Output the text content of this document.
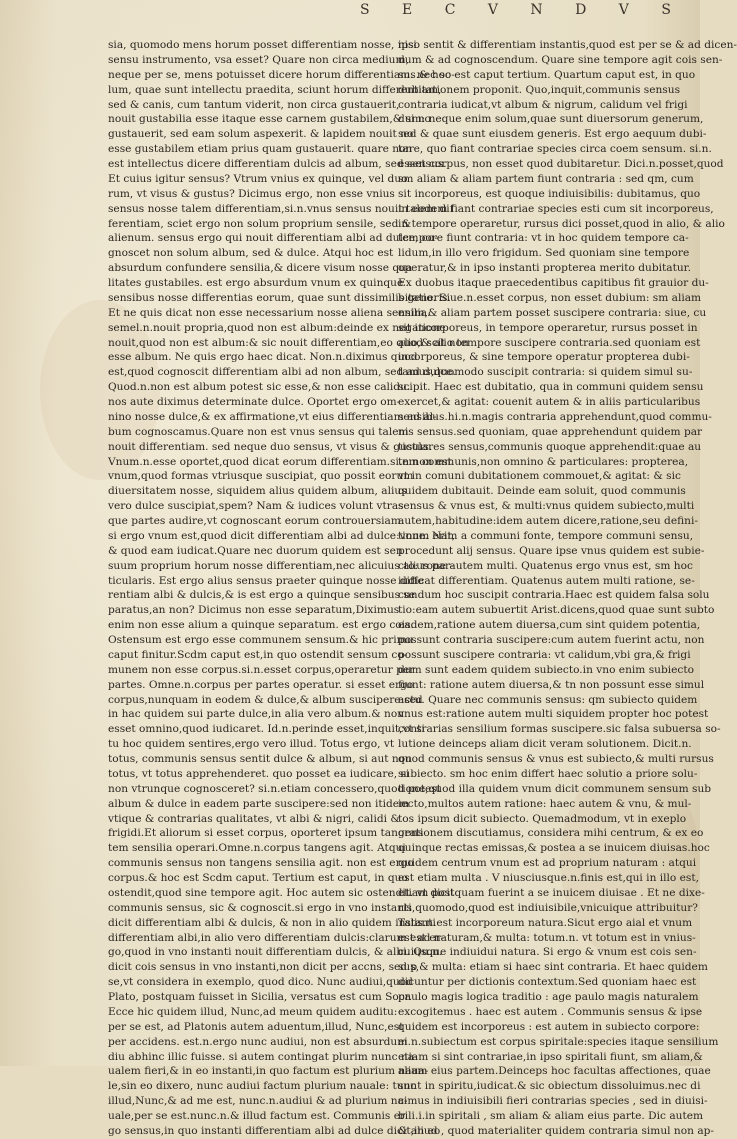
S E C V N D V S
sia, quomodo mens horum posset differentiam nosse, nisi
sensu instrumento, vsa esset? Quare non circa medium,
neque per se, mens potuisset dicere horum differentiam. nec so-
lum, quae sunt intellectu praedita, sciunt horum differentiam,
sed & canis, cum tantum viderit, non circa gustauerit,
nouit gustabilia esse itaque esse carnem gustabilem,& si no
gustauerit, sed eam solum aspexerit. & lapidem nouit no
esse gustabilem etiam prius quam gustauerit. quare non
est intellectus dicere differentiam dulcis ad album, sed sensus.
Et cuius igitur sensus? Vtrum vnius ex quinque, vel duo
rum, vt visus & gustus? Dicimus ergo, non esse vnius
sensus nosse talem differentiam,si.n.vnus sensus nouit talem dif
ferentiam, sciet ergo non solum proprium sensile, sed &
alienum. sensus ergo qui nouit differentiam albi ad dulce, co-
gnoscet non solum album, sed & dulce. Atqui hoc est
absurdum confundere sensilia,& dicere visum nosse qua
litates gustabiles. est ergo absurdum vnum ex quinque
sensibus nosse differentias eorum, quae sunt dissimilis generis.
Et ne quis dicat non esse necessarium nosse aliena sensilia.
semel.n.nouit propria,quod non est album:deinde ex negatione
nouit,quod non est album:& sic nouit differentiam,eo quod scit non
esse album. Ne quis ergo haec dicat. Non.n.diximus quod
est,quod cognoscit differentiam albi ad non album, sed ad dulce.
Quod.n.non est album potest sic esse,& non esse calidu.
nos aute diximus determinate dulce. Oportet ergo om-
nino nosse dulce,& ex affirmatione,vt eius differentiam ad al-
bum cognoscamus.Quare non est vnus sensus qui talem
nouit differentiam. sed neque duo sensus, vt visus & gustus.
Vnum.n.esse oportet,quod dicat eorum differentiam.si.n.non est
vnum,quod formas vtriusque suscipiat, quo possit eorum
diuersitatem nosse, siquidem alius quidem album, alius
vero dulce suscipiat,spem? Nam & iudices volunt vtras
que partes audire,vt cognoscant eorum controuersiam.
si ergo vnum est,quod dicit differentiam albi ad dulce:vnum erit,
& quod eam iudicat.Quare nec duorum quidem est sen
suum proprium horum nosse differentiam,nec alicuius alius par-
ticularis. Est ergo alius sensus praeter quinque nosse diffe
rentiam albi & dulcis,& is est ergo a quinque sensibus se
paratus,an non? Dicimus non esse separatum,Diximus
enim non esse alium a quinque separatum. est ergo cois.
Ostensum est ergo esse communem sensum.& hic primu
caput finitur.Scdm caput est,in quo ostendit sensum co-
munem non esse corpus.si.n.esset corpus,operaretur per
partes. Omne.n.corpus per partes operatur. si esset ergo
corpus,nunquam in eodem & dulce,& album suscipere:sed
in hac quidem sui parte dulce,in alia vero album.& non
esset omnino,quod iudicaret. Id.n.perinde esset,inquit,vt si
tu hoc quidem sentires,ergo vero illud. Totus ergo, vt
totus, communis sensus sentit dulce & album, si aut non
totus, vt totus apprehenderet. quo posset ea iudicare, si
non vtrunque cognosceret? si.n.etiam concessero,quod potest
album & dulce in eadem parte suscipere:sed non itidem
vtique & contrarias qualitates, vt albi & nigri, calidi &
frigidi.Et aliorum si esset corpus, oporteret ipsum tangens
tem sensilia operari.Omne.n.corpus tangens agit. Atqui
communis sensus non tangens sensilia agit. non est ergo
corpus.& hoc est Scdm caput. Tertium est caput, in quo
ostendit,quod sine tempore agit. Hoc autem sic ostendit. vt dicit
communis sensus, sic & cognoscit.si ergo in vno instanti
dicit differentiam albi & dulcis, & non in alio quidem instanti
differentiam albi,in alio vero differentiam dulcis:clarum est er-
go,quod in vno instanti nouit differentiam dulcis, & albi. Qu.n.
dicit cois sensus in vno instanti,non dicit per accns, sed p
se,vt considera in exemplo, quod dico. Nunc audiui,quod
Plato, postquam fuisset in Sicilia, versatus est cum Socr.
Ecce hic quidem illud, Nunc,ad meum quidem auditu:
per se est, ad Platonis autem aduentum,illud, Nunc,est
per accidens. est.n.ergo nunc audiui, non est absurdum
diu abhinc illic fuisse. si autem contingat plurim nunc na-
ualem fieri,& in eo instanti,in quo factum est plurium naua-
le,sin eo dixero, nunc audiui factum plurium nauale: tunc
illud,Nunc,& ad me est, nunc.n.audiui & ad plurium na-
uale,per se est.nunc.n.& illud factum est. Communis er
go sensus,in quo instanti differentiam albi ad dulce dicit,in eo
ipso sentit & differentiam instantis,quod est per se & ad dicen-
dum & ad cognoscendum. Quare sine tempore agit cois sen-
sus.& hoc est caput tertium. Quartum caput est, in quo
dubitationem proponit. Quo,inquit,communis sensus
contraria iudicat,vt album & nigrum, calidum vel frigi
dum: neque enim solum,quae sunt diuersorum generum,
sed & quae sunt eiusdem generis. Est ergo aequum dubi-
tare, quo fiant contrariae species circa coem sensum. si.n.
esset corpus, non esset quod dubitaretur. Dici.n.posset,quod
sm aliam & aliam partem fiunt contraria : sed qm, cum
sit incorporeus, est quoque indiuisibilis: dubitamus, quo
in eodem fiant contrariae species esti cum sit incorporeus,
in tempore operaretur, rursus dici posset,quod in alio, & alio
tempore fiunt contraria: vt in hoc quidem tempore ca-
lidum,in illo vero frigidum. Sed quoniam sine tempore
operatur,& in ipso instanti propterea merito dubitatur.
Ex duobus itaque praecedentibus capitibus fit grauior du-
bitatio. Siue.n.esset corpus, non esset dubium: sm aliam
enim,& aliam partem posset suscipere contraria: siue, cu
sit incorporeus, in tempore operaretur, rursus posset in
alio,& alio tempore suscipere contraria.sed quoniam est
incorporeus, & sine tempore operatur propterea dubi-
tamus,quomodo suscipit contraria: si quidem simul su-
scipit. Haec est dubitatio, qua in communi quidem sensu
exercet,& agitat: couenit autem & in aliis particularibus
sensibus.hi.n.magis contraria apprehendunt,quod commu-
nis sensus.sed quoniam, quae apprehendunt quidem par
ticulares sensus,communis quoque apprehendit:quae au
tem communis,non omnino & particulares: propterea,
vt in comuni dubitationem commouet,& agitat: & sic
quidem dubitauit. Deinde eam soluit, quod communis
sensus & vnus est, & multi:vnus quidem subiecto,multi
autem,habitudine:idem autem dicere,ratione,seu defini-
tione. Nam a communi fonte, tempore communi sensu,
procedunt alij sensus. Quare ipse vnus quidem est subie-
cto: rone autem multi. Quatenus ergo vnus est, sm hoc
iudicat differentiam. Quatenus autem multi ratione, se-
cundum hoc suscipit contraria.Haec est quidem falsa solu
tio:eam autem subuertit Arist.dicens,quod quae sunt subto
eadem,ratione autem diuersa,cum sint quidem potentia,
possunt contraria suscipere:cum autem fuerint actu, non
possunt suscipere contraria: vt calidum,vbi gra,& frigi
dum sunt eadem quidem subiecto.in vno enim subiecto
fiunt: ratione autem diuersa,& tn non possunt esse simul
actu. Quare nec communis sensus: qm subiecto quidem
vnus est:ratione autem multi siquidem propter hoc potest
contrarias sensilium formas suscipere.sic falsa subuersa so-
lutione deinceps aliam dicit veram solutionem. Dicit.n.
quod communis sensus & vnus est subiecto,& multi rursus
subiecto. sm hoc enim differt haec solutio a priore solu-
tione,quod illa quidem vnum dicit communem sensum sub
iecto,multos autem ratione: haec autem & vnu, & mul-
tos ipsum dicit subiecto. Quemadmodum, vt in exeplo
orationem discutiamus, considera mihi centrum, & ex eo
quinque rectas emissas,& postea a se inuicem diuisas.hoc
quidem centrum vnum est ad proprium naturam : atqui
est etiam multa . V niusciusque.n.finis est,qui in illo est,
etiam postquam fuerint a se inuicem diuisae . Et ne dixe-
ris,quomodo,quod est indiuisibile,vnicuique attribuitur?
Talis.n.est incorporeum natura.Sicut ergo aial et vnum
est ad naturam,& multa: totum.n. vt totum est in vnius-
cuiusque indiuidui natura. Si ergo & vnum est cois sen-
sus,& multa: etiam si haec sint contraria. Et haec quidem
dicuntur per dictionis contextum.Sed quoniam haec est
paulo magis logica traditio : age paulo magis naturalem
excogitemus . haec est autem . Communis sensus & ipse
quidem est incorporeus : est autem in subiecto corpore:
ei.n.subiectum est corpus spiritale:species itaque sensilium
etiam si sint contrariae,in ipso spiritali fiunt, sm aliam,&
aliam eius partem.Deinceps hoc facultas affectiones, quae
sunt in spiritu,iudicat.& sic obiectum dissoluimus.nec di
cimus in indiuisibili fieri contrarias species , sed in diuisi-
bili.i.in spiritali , sm aliam & aliam eius parte. Dic autem
& aliud , quod materialiter quidem contraria simul non ap-
